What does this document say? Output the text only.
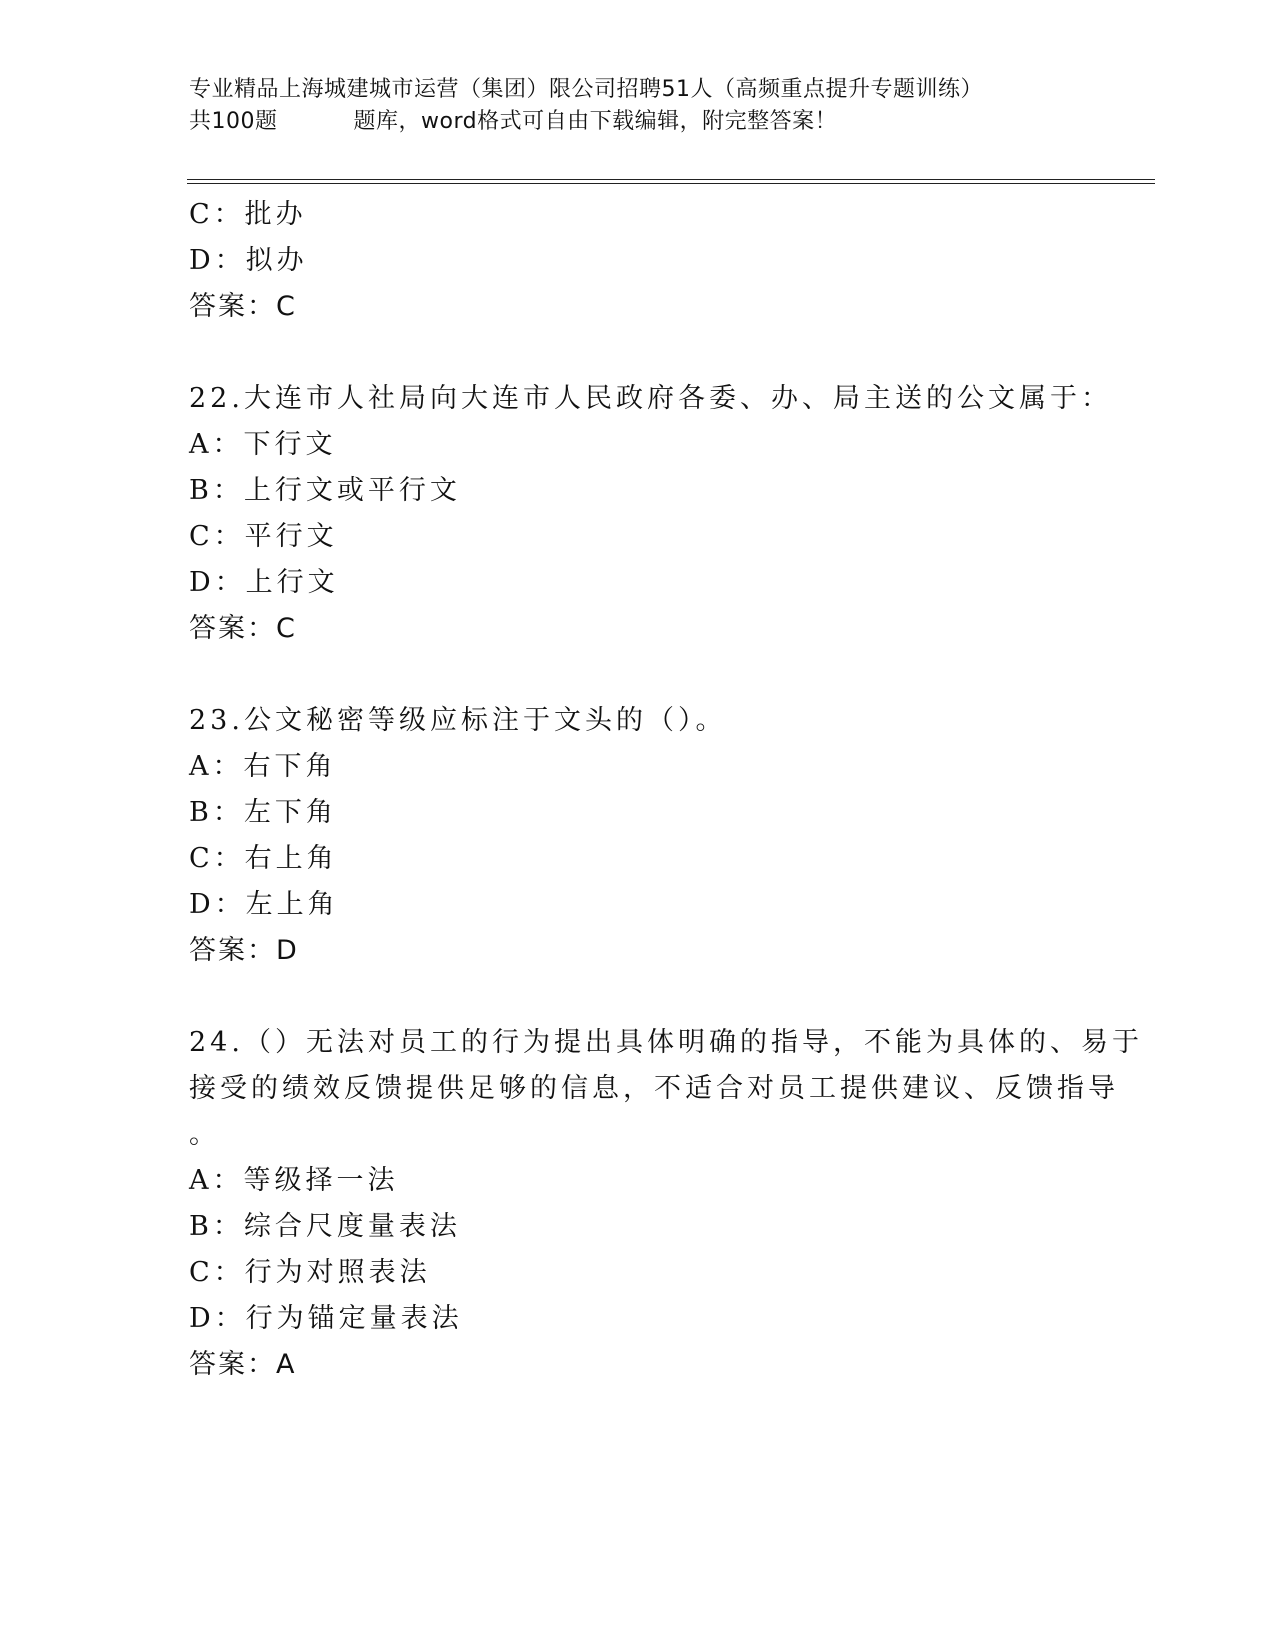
专业精品上海城建城市运营（集团）限公司招聘51人（高频重点提升专题训练）
共100题	题库，word格式可自由下载编辑，附完整答案！
C：批办
D：拟办
答案：C
22.大连市人社局向大连市人民政府各委、办、局主送的公文属于：
A：下行文
B：上行文或平行文
C：平行文
D：上行文
答案：C
23.公文秘密等级应标注于文头的（）。
A：右下角
B：左下角
C：右上角
D：左上角
答案：D
24.（）无法对员工的行为提出具体明确的指导，不能为具体的、易于
接受的绩效反馈提供足够的信息，不适合对员工提供建议、反馈指导
。
A：等级择一法
B：综合尺度量表法
C：行为对照表法
D：行为锚定量表法
答案：A
